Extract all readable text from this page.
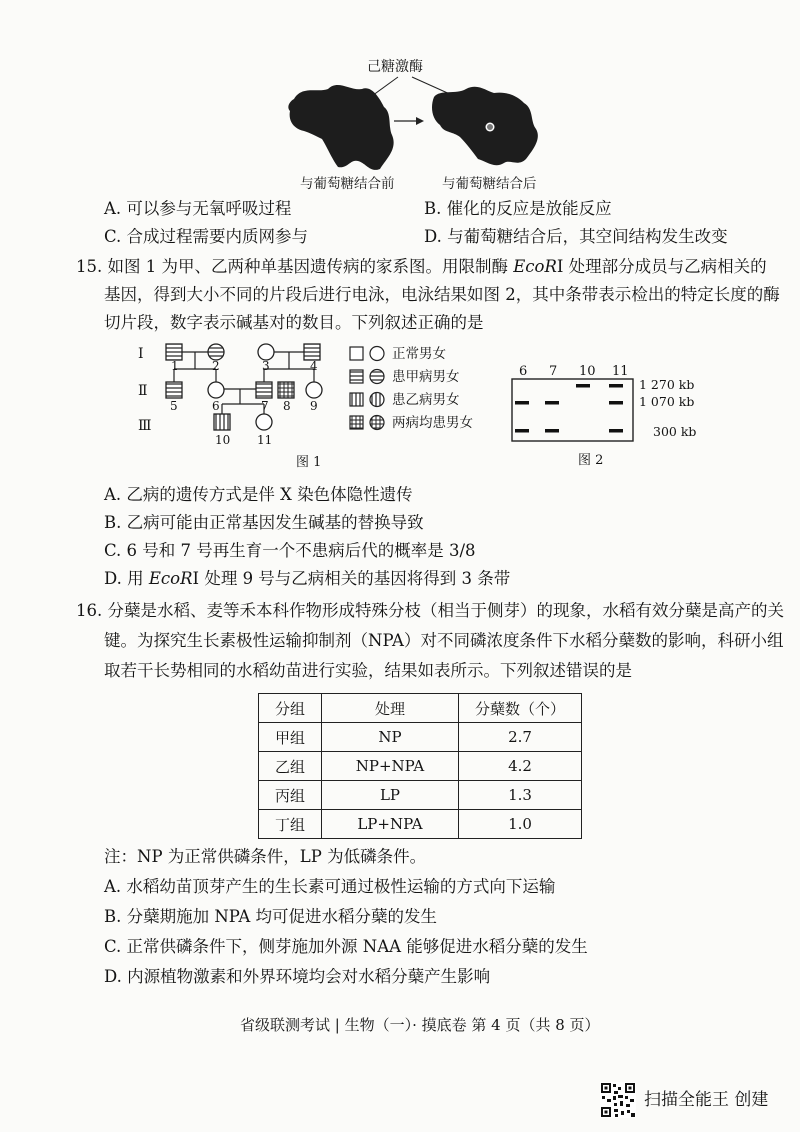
己糖激酶
与葡萄糖结合前	与葡萄糖结合后
A. 可以参与无氧呼吸过程	B. 催化的反应是放能反应
C. 合成过程需要内质网参与	D. 与葡萄糖结合后，其空间结构发生改变
15. 如图 1 为甲、乙两种单基因遗传病的家系图。用限制酶 EcoRⅠ 处理部分成员与乙病相关的
基因，得到大小不同的片段后进行电泳，电泳结果如图 2，其中条带表示检出的特定长度的酶
切片段，数字表示碱基对的数目。下列叙述正确的是
Ⅰ
Ⅱ
Ⅲ
1	2	3	4
5	6	7 8 9
10 11
正常男女
患甲病男女
患乙病男女
两病均患男女
图 1
6 7 10 11
1 270 kb
1 070 kb
300 kb
图 2
A. 乙病的遗传方式是伴 X 染色体隐性遗传
B. 乙病可能由正常基因发生碱基的替换导致
C. 6 号和 7 号再生育一个不患病后代的概率是 3/8
D. 用 EcoRⅠ 处理 9 号与乙病相关的基因将得到 3 条带
16. 分蘖是水稻、麦等禾本科作物形成特殊分枝（相当于侧芽）的现象，水稻有效分蘖是高产的关
键。为探究生长素极性运输抑制剂（NPA）对不同磷浓度条件下水稻分蘖数的影响，科研小组
取若干长势相同的水稻幼苗进行实验，结果如表所示。下列叙述错误的是
分组	处理	分蘖数（个）
甲组	NP	2.7
乙组	NP+NPA	4.2
丙组	LP	1.3
丁组	LP+NPA	1.0
注：NP 为正常供磷条件，LP 为低磷条件。
A. 水稻幼苗顶芽产生的生长素可通过极性运输的方式向下运输
B. 分蘖期施加 NPA 均可促进水稻分蘖的发生
C. 正常供磷条件下，侧芽施加外源 NAA 能够促进水稻分蘖的发生
D. 内源植物激素和外界环境均会对水稻分蘖产生影响
省级联测考试 | 生物（一）· 摸底卷 第 4 页（共 8 页）
扫描全能王 创建
